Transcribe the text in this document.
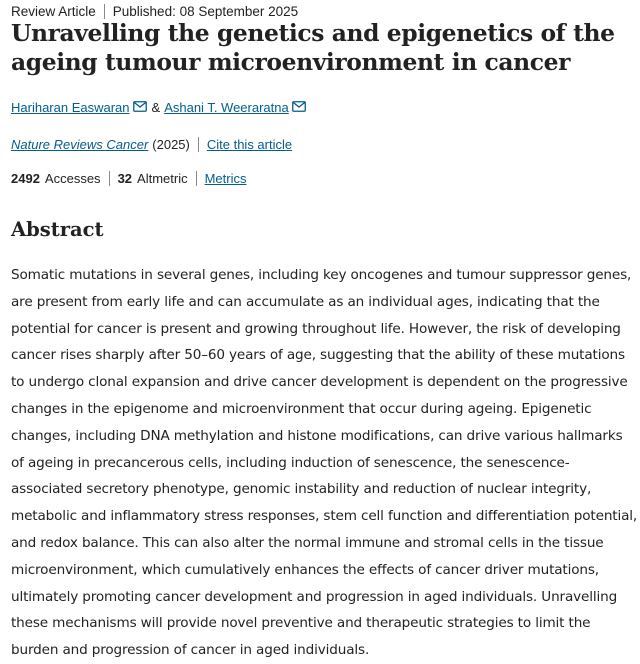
Review Article Published: 08 September 2025
Unravelling the genetics and epigenetics of the ageing tumour microenvironment in cancer
Hariharan Easwaran & Ashani T. Weeraratna
Nature Reviews Cancer (2025) Cite this article
2492 Accesses 32 Altmetric Metrics
Abstract

Somatic mutations in several genes, including key oncogenes and tumour suppressor genes, are present from early life and can accumulate as an individual ages, indicating that the potential for cancer is present and growing throughout life. However, the risk of developing cancer rises sharply after 50–60 years of age, suggesting that the ability of these mutations to undergo clonal expansion and drive cancer development is dependent on the progressive changes in the epigenome and microenvironment that occur during ageing. Epigenetic changes, including DNA methylation and histone modifications, can drive various hallmarks of ageing in precancerous cells, including induction of senescence, the senescence-associated secretory phenotype, genomic instability and reduction of nuclear integrity, metabolic and inflammatory stress responses, stem cell function and differentiation potential, and redox balance. This can also alter the normal immune and stromal cells in the tissue microenvironment, which cumulatively enhances the effects of cancer driver mutations, ultimately promoting cancer development and progression in aged individuals. Unravelling these mechanisms will provide novel preventive and therapeutic strategies to limit the burden and progression of cancer in aged individuals.
